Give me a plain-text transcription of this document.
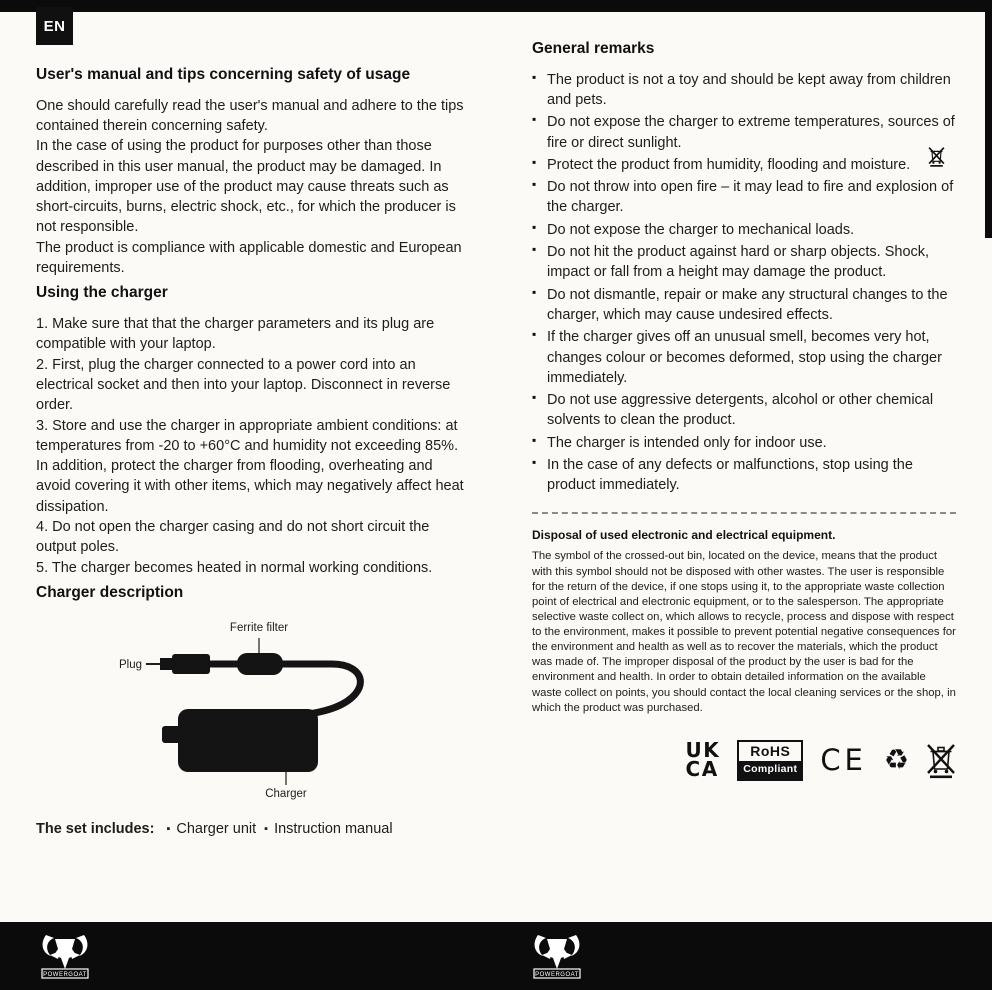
EN
User's manual and tips concerning safety of usage
One should carefully read the user's manual and adhere to the tips contained therein concerning safety.
In the case of using the product for purposes other than those described in this user manual, the product may be damaged. In addition, improper use of the product may cause threats such as short-circuits, burns, electric shock, etc., for which the producer is not responsible.
The product is compliance with applicable domestic and European requirements.
Using the charger
1. Make sure that that the charger parameters and its plug are compatible with your laptop.
2. First, plug the charger connected to a power cord into an electrical socket and then into your laptop. Disconnect in reverse order.
3. Store and use the charger in appropriate ambient conditions: at temperatures from -20 to +60°C and humidity not exceeding 85%. In addition, protect the charger from flooding, overheating and avoid covering it with other items, which may negatively affect heat dissipation.
4. Do not open the charger casing and do not short circuit the output poles.
5. The charger becomes heated in normal working conditions.
Charger description
Ferrite filter
Plug
Charger
The set includes: ▪ Charger unit ▪ Instruction manual
General remarks
▪ The product is not a toy and should be kept away from children and pets.
▪ Do not expose the charger to extreme temperatures, sources of fire or direct sunlight.
▪ Protect the product from humidity, flooding and moisture.
▪ Do not throw into open fire – it may lead to fire and explosion of the charger.
▪ Do not expose the charger to mechanical loads.
▪ Do not hit the product against hard or sharp objects. Shock, impact or fall from a height may damage the product.
▪ Do not dismantle, repair or make any structural changes to the charger, which may cause undesired effects.
▪ If the charger gives off an unusual smell, becomes very hot, changes colour or becomes deformed, stop using the charger immediately.
▪ Do not use aggressive detergents, alcohol or other chemical solvents to clean the product.
▪ The charger is intended only for indoor use.
▪ In the case of any defects or malfunctions, stop using the product immediately.
Disposal of used electronic and electrical equipment.

The symbol of the crossed-out bin, located on the device, means that the product with this symbol should not be disposed with other wastes. The user is responsible for the return of the device, if one stops using it, to the appropriate waste collection point of electrical and electronic equipment, or to the salesperson. The appropriate selective waste collect on, which allows to recycle, process and dispose with respect to the environment, makes it possible to prevent potential negative consequences for the environment and health as well as to recover the materials, which the product was made of. The improper disposal of the product by the user is bad for the environment and health. In order to obtain detailed information on the available waste collect on points, you should contact the local cleaning services or the shop, in which the product was purchased.

UK
CA
RoHS
Compliant CE ♻
POWERGOAT	POWERGOAT
